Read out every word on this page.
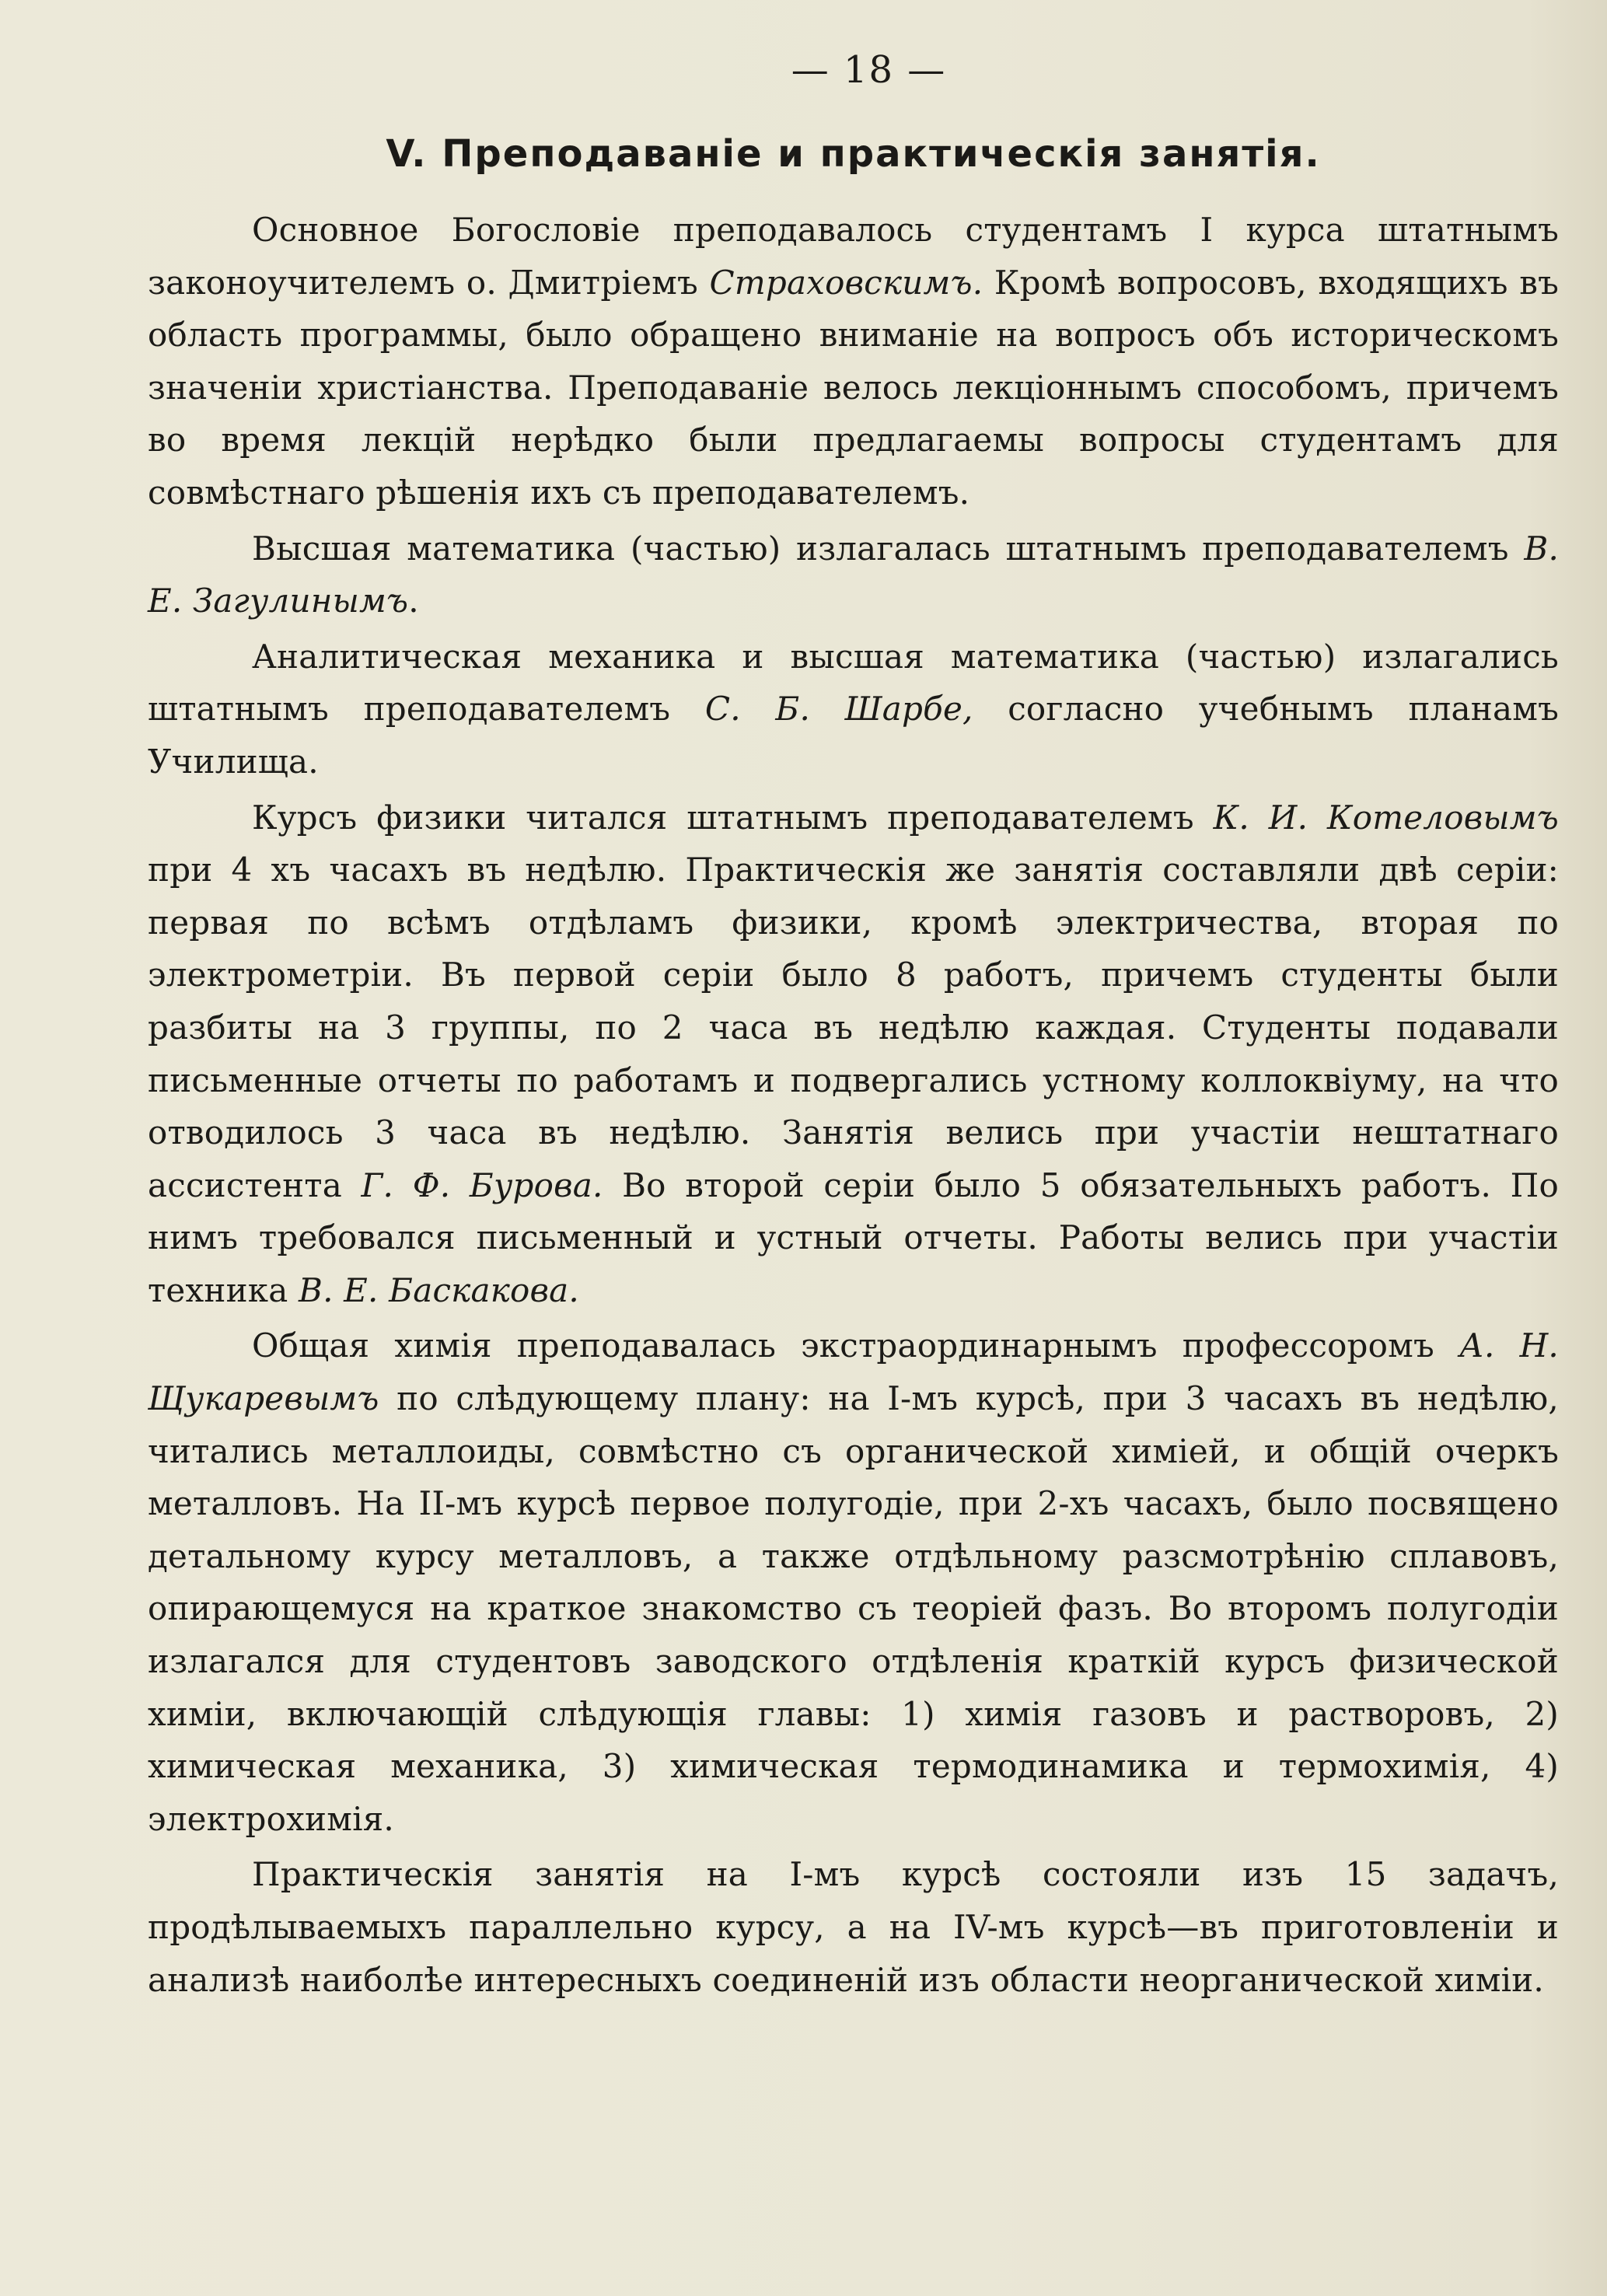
— 18 —
V. Преподаваніе и практическія занятія.

Основное Богословіе преподавалось студентамъ I курса штатнымъ законоучителемъ о. Дмитріемъ Страховскимъ. Кромѣ вопросовъ, входящихъ въ область программы, было обращено вниманіе на вопросъ объ историческомъ значеніи христіанства. Преподаваніе велось лекціоннымъ способомъ, причемъ во время лекцій нерѣдко были предлагаемы вопросы студентамъ для совмѣстнаго рѣшенія ихъ съ преподавателемъ.

Высшая математика (частью) излагалась штатнымъ преподавателемъ В. Е. Загулинымъ.

Аналитическая механика и высшая математика (частью) излагались штатнымъ преподавателемъ С. Б. Шарбе, согласно учебнымъ планамъ Училища.

Курсъ физики читался штатнымъ преподавателемъ К. И. Котеловымъ при 4 хъ часахъ въ недѣлю. Практическія же занятія составляли двѣ серіи: первая по всѣмъ отдѣламъ физики, кромѣ электричества, вторая по электрометріи. Въ первой серіи было 8 работъ, причемъ студенты были разбиты на 3 группы, по 2 часа въ недѣлю каждая. Студенты подавали письменные отчеты по работамъ и подвергались устному коллоквіуму, на что отводилось 3 часа въ недѣлю. Занятія велись при участіи нештатнаго ассистента Г. Ф. Бурова. Во второй серіи было 5 обязательныхъ работъ. По нимъ требовался письменный и устный отчеты. Работы велись при участіи техника В. Е. Баскакова.

Общая химія преподавалась экстраординарнымъ профессоромъ А. Н. Щукаревымъ по слѣдующему плану: на I-мъ курсѣ, при 3 часахъ въ недѣлю, читались металлоиды, совмѣстно съ органической химіей, и общій очеркъ металловъ. На II-мъ курсѣ первое полугодіе, при 2-хъ часахъ, было посвящено детальному курсу металловъ, а также отдѣльному разсмотрѣнію сплавовъ, опирающемуся на краткое знакомство съ теоріей фазъ. Во второмъ полугодіи излагался для студентовъ заводского отдѣленія краткій курсъ физической химіи, включающій слѣдующія главы: 1) химія газовъ и растворовъ, 2) химическая механика, 3) химическая термодинамика и термохимія, 4) электрохимія.

Практическія занятія на I-мъ курсѣ состояли изъ 15 задачъ, продѣлываемыхъ параллельно курсу, а на IV-мъ курсѣ—въ приготовленіи и анализѣ наиболѣе интересныхъ соединеній изъ области неорганической химіи.
